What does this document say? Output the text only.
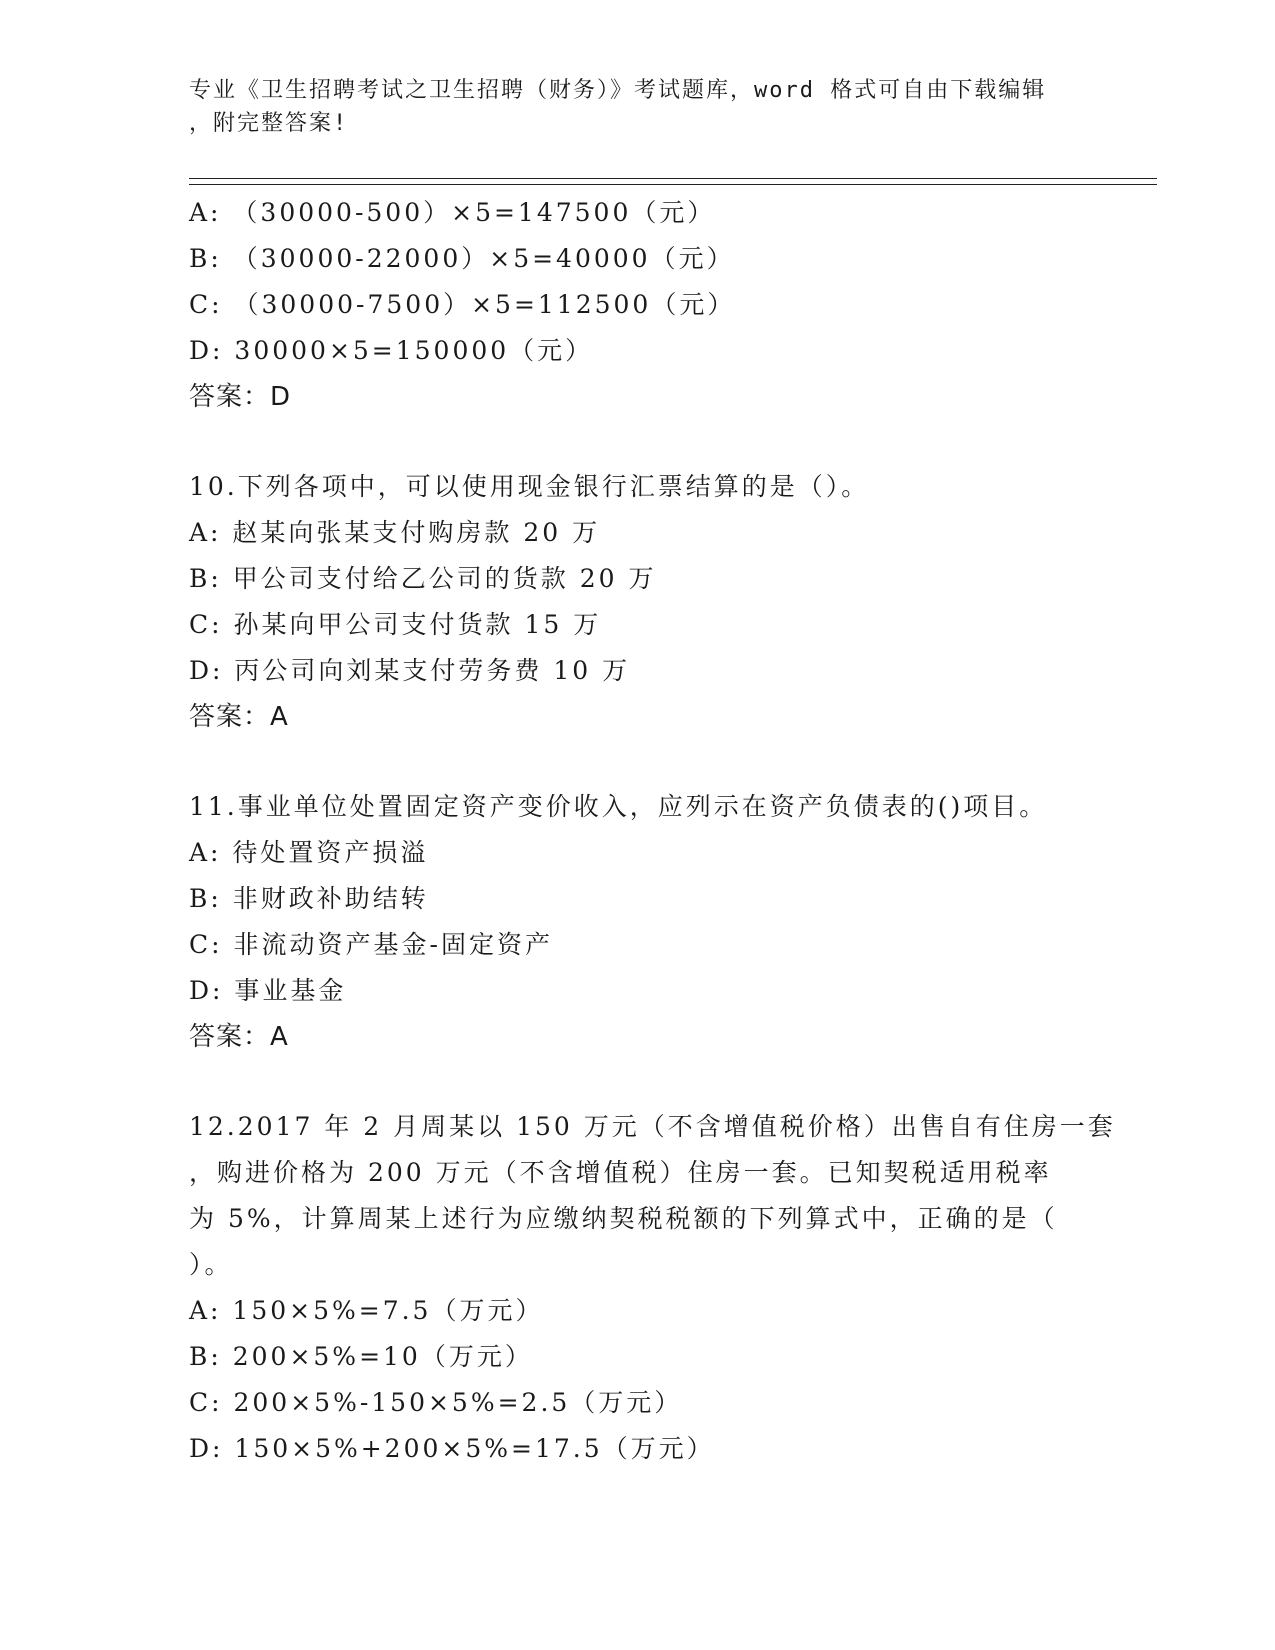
专业《卫生招聘考试之卫生招聘（财务）》考试题库，word 格式可自由下载编辑
，附完整答案!
A: （30000-500）×5=147500（元）
B: （30000-22000）×5=40000（元）
C: （30000-7500）×5=112500（元）
D: 30000×5=150000（元）
答案：D
10.下列各项中，可以使用现金银行汇票结算的是（）。
A: 赵某向张某支付购房款 20 万
B: 甲公司支付给乙公司的货款 20 万
C: 孙某向甲公司支付货款 15 万
D: 丙公司向刘某支付劳务费 10 万
答案：A
11.事业单位处置固定资产变价收入，应列示在资产负债表的()项目。
A: 待处置资产损溢
B: 非财政补助结转
C: 非流动资产基金-固定资产
D: 事业基金
答案：A
12.2017 年 2 月周某以 150 万元（不含增值税价格）出售自有住房一套
，购进价格为 200 万元（不含增值税）住房一套。已知契税适用税率
为 5%，计算周某上述行为应缴纳契税税额的下列算式中，正确的是（
）。
A: 150×5%=7.5（万元）
B: 200×5%=10（万元）
C: 200×5%-150×5%=2.5（万元）
D: 150×5%+200×5%=17.5（万元）
